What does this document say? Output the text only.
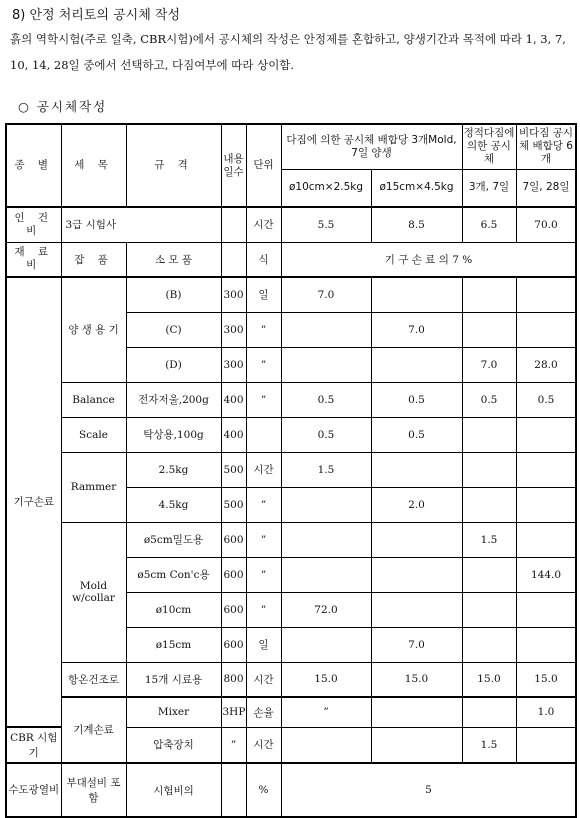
8) 안정 처리토의 공시체 작성
흙의 역학시험(주로 일축, CBR시험)에서 공시체의 작성은 안정제를 혼합하고, 양생기간과 목적에 따라 1, 3, 7, 10, 14, 28일 중에서 선택하고, 다짐여부에 따라 상이함.
○ 공시체작성
종 별	세 목	규 격	내용일수	단위	다짐에 의한 공시체 배합당 3개Mold, 7일 양생		정적다짐에 의한 공시체	비다짐 공시체 배합당 6개	
					ø10cm×2.5kg	ø15cm×4.5kg	3개, 7일	7일, 28일	
인 건 비	3급 시험사			시간	5.5	8.5	6.5	70.0	
재 료 비	잡 품	소 모 품		식	기 구 손 료 의 7 %				
기구손료	양 생 용 기	(B)	300	일	7.0				
		(C)	300	”		7.0			
		(D)	300	”			7.0	28.0	
	Balance	전자저울,200g	400	”	0.5	0.5	0.5	0.5	
	Scale	탁상용,100g	400		0.5	0.5			
	Rammer	2.5kg	500	시간	1.5				
		4.5kg	500	”		2.0			
	Mold w/collar	ø5cm밀도용	600	”			1.5		
		ø5cm Con'c용	600	”				144.0	
		ø10cm	600	”	72.0				
		ø15cm	600	일		7.0			
	항온건조로	15개 시료용	800	시간	15.0	15.0	15.0	15.0	
	기계손료	Mixer	3HP	손율	”			1.0	
CBR 시험기		압축장치	”	시간			1.5		
수도광열비	부대설비 포함	시험비의		%	5				
